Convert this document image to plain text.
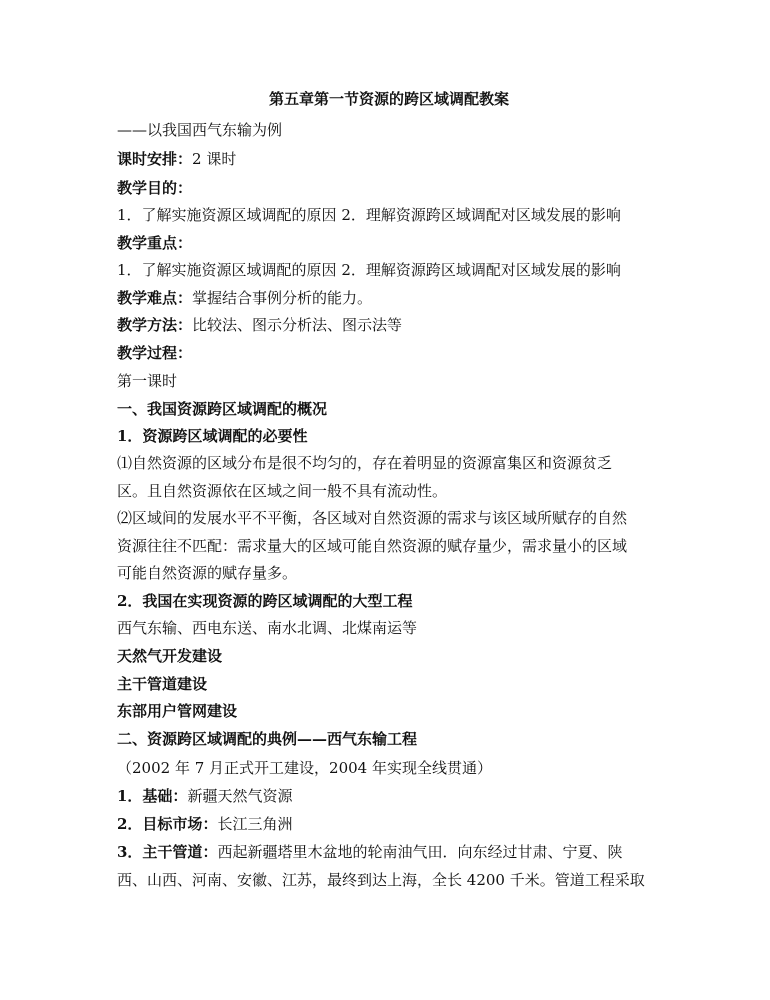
第五章第一节资源的跨区域调配教案
——以我国西气东输为例
课时安排：2 课时
教学目的：
1．了解实施资源区域调配的原因 2．理解资源跨区域调配对区域发展的影响
教学重点：
1．了解实施资源区域调配的原因 2．理解资源跨区域调配对区域发展的影响
教学难点：掌握结合事例分析的能力。
教学方法：比较法、图示分析法、图示法等
教学过程：
第一课时
一、我国资源跨区域调配的概况
1．资源跨区域调配的必要性
⑴自然资源的区域分布是很不均匀的，存在着明显的资源富集区和资源贫乏
区。且自然资源依在区域之间一般不具有流动性。
⑵区域间的发展水平不平衡，各区域对自然资源的需求与该区域所赋存的自然
资源往往不匹配：需求量大的区域可能自然资源的赋存量少，需求量小的区域
可能自然资源的赋存量多。
2．我国在实现资源的跨区域调配的大型工程
西气东输、西电东送、南水北调、北煤南运等
天然气开发建设
主干管道建设
东部用户管网建设
二、资源跨区域调配的典例——西气东输工程
（2002 年 7 月正式开工建设，2004 年实现全线贯通）
1．基础：新疆天然气资源
2．目标市场：长江三角洲
3．主干管道：西起新疆塔里木盆地的轮南油气田．向东经过甘肃、宁夏、陕
西、山西、河南、安徽、江苏，最终到达上海，全长 4200 千米。管道工程采取
